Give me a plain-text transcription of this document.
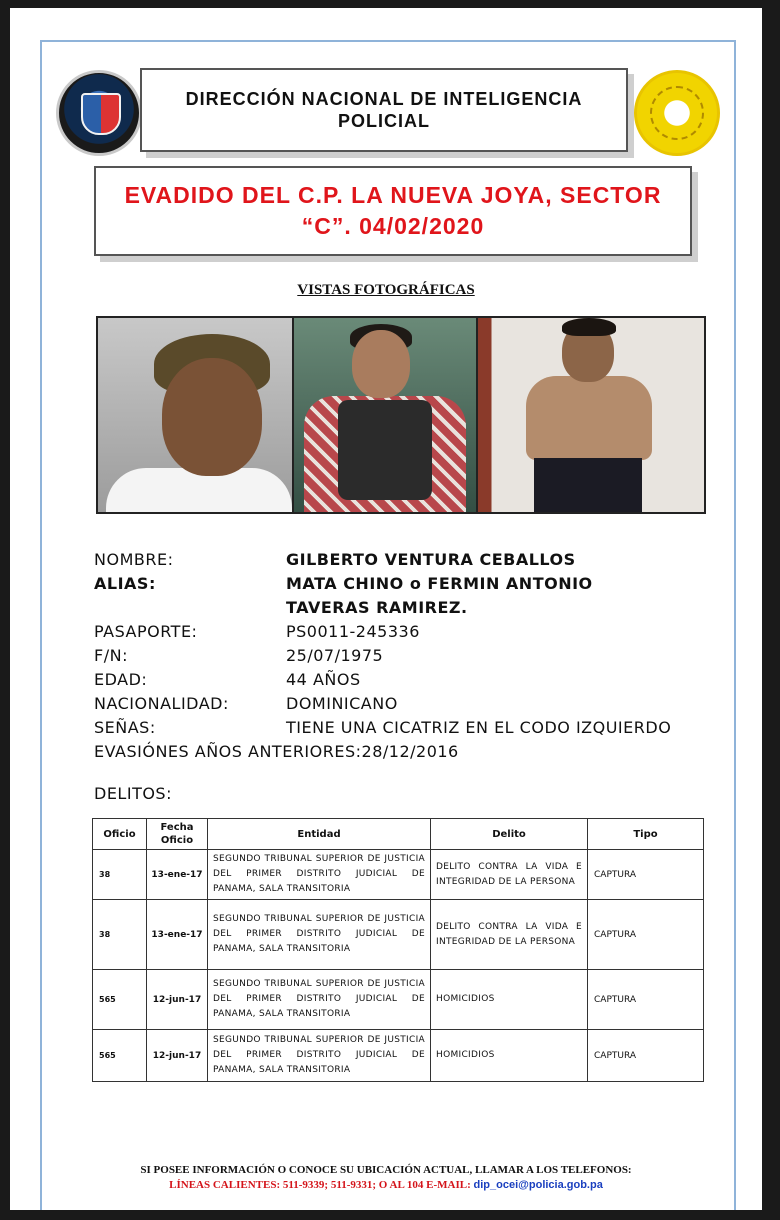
DIRECCIÓN NACIONAL DE INTELIGENCIA POLICIAL
EVADIDO DEL C.P. LA NUEVA JOYA, SECTOR “C”. 04/02/2020
VISTAS FOTOGRÁFICAS
NOMBRE:	GILBERTO VENTURA CEBALLOS
ALIAS:	MATA CHINO o FERMIN ANTONIO
TAVERAS RAMIREZ.
PASAPORTE:	PS0011-245336
F/N:	25/07/1975
EDAD:	44 AÑOS
NACIONALIDAD:	DOMINICANO
SEÑAS:	TIENE UNA CICATRIZ EN EL CODO IZQUIERDO
EVASIÓNES AÑOS ANTERIORES:28/12/2016
DELITOS:
Oficio	Fecha Oficio	Entidad	Delito	Tipo
38	13-ene-17	SEGUNDO TRIBUNAL SUPERIOR DE JUSTICIA DEL PRIMER DISTRITO JUDICIAL DE PANAMA, SALA TRANSITORIA	DELITO CONTRA LA VIDA E INTEGRIDAD DE LA PERSONA	CAPTURA
38	13-ene-17	SEGUNDO TRIBUNAL SUPERIOR DE JUSTICIA DEL PRIMER DISTRITO JUDICIAL DE PANAMA, SALA TRANSITORIA	DELITO CONTRA LA VIDA E INTEGRIDAD DE LA PERSONA	CAPTURA
565	12-jun-17	SEGUNDO TRIBUNAL SUPERIOR DE JUSTICIA DEL PRIMER DISTRITO JUDICIAL DE PANAMA, SALA TRANSITORIA	HOMICIDIOS	CAPTURA
565	12-jun-17	SEGUNDO TRIBUNAL SUPERIOR DE JUSTICIA DEL PRIMER DISTRITO JUDICIAL DE PANAMA, SALA TRANSITORIA	HOMICIDIOS	CAPTURA
SI POSEE INFORMACIÓN O CONOCE SU UBICACIÓN ACTUAL, LLAMAR A LOS TELEFONOS:
LÍNEAS CALIENTES: 511-9339; 511-9331; O AL 104 E-MAIL: dip_ocei@policia.gob.pa
